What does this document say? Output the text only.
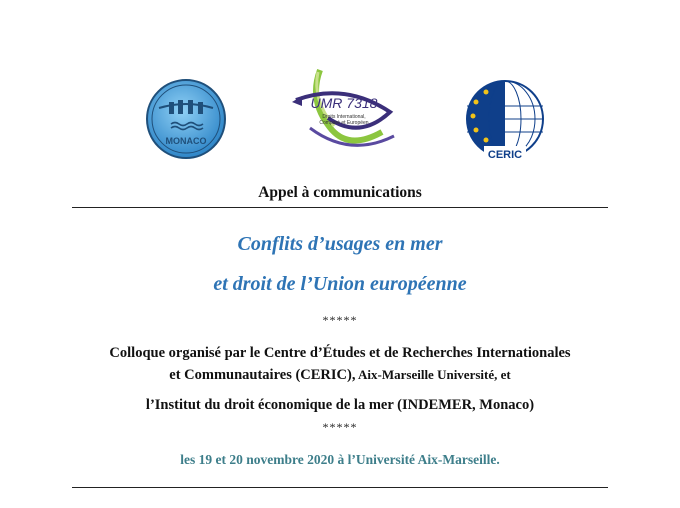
MONACO
UMR 7318
Droits International,
Comparé et Européen
CERIC
Appel à communications
Conflits d’usages en mer
et droit de l’Union européenne
*****
Colloque organisé par le Centre d’Études et de Recherches Internationales
et Communautaires (CERIC), Aix-Marseille Université, et
l’Institut du droit économique de la mer (INDEMER, Monaco)
*****
les 19 et 20 novembre 2020 à l’Université Aix-Marseille.
